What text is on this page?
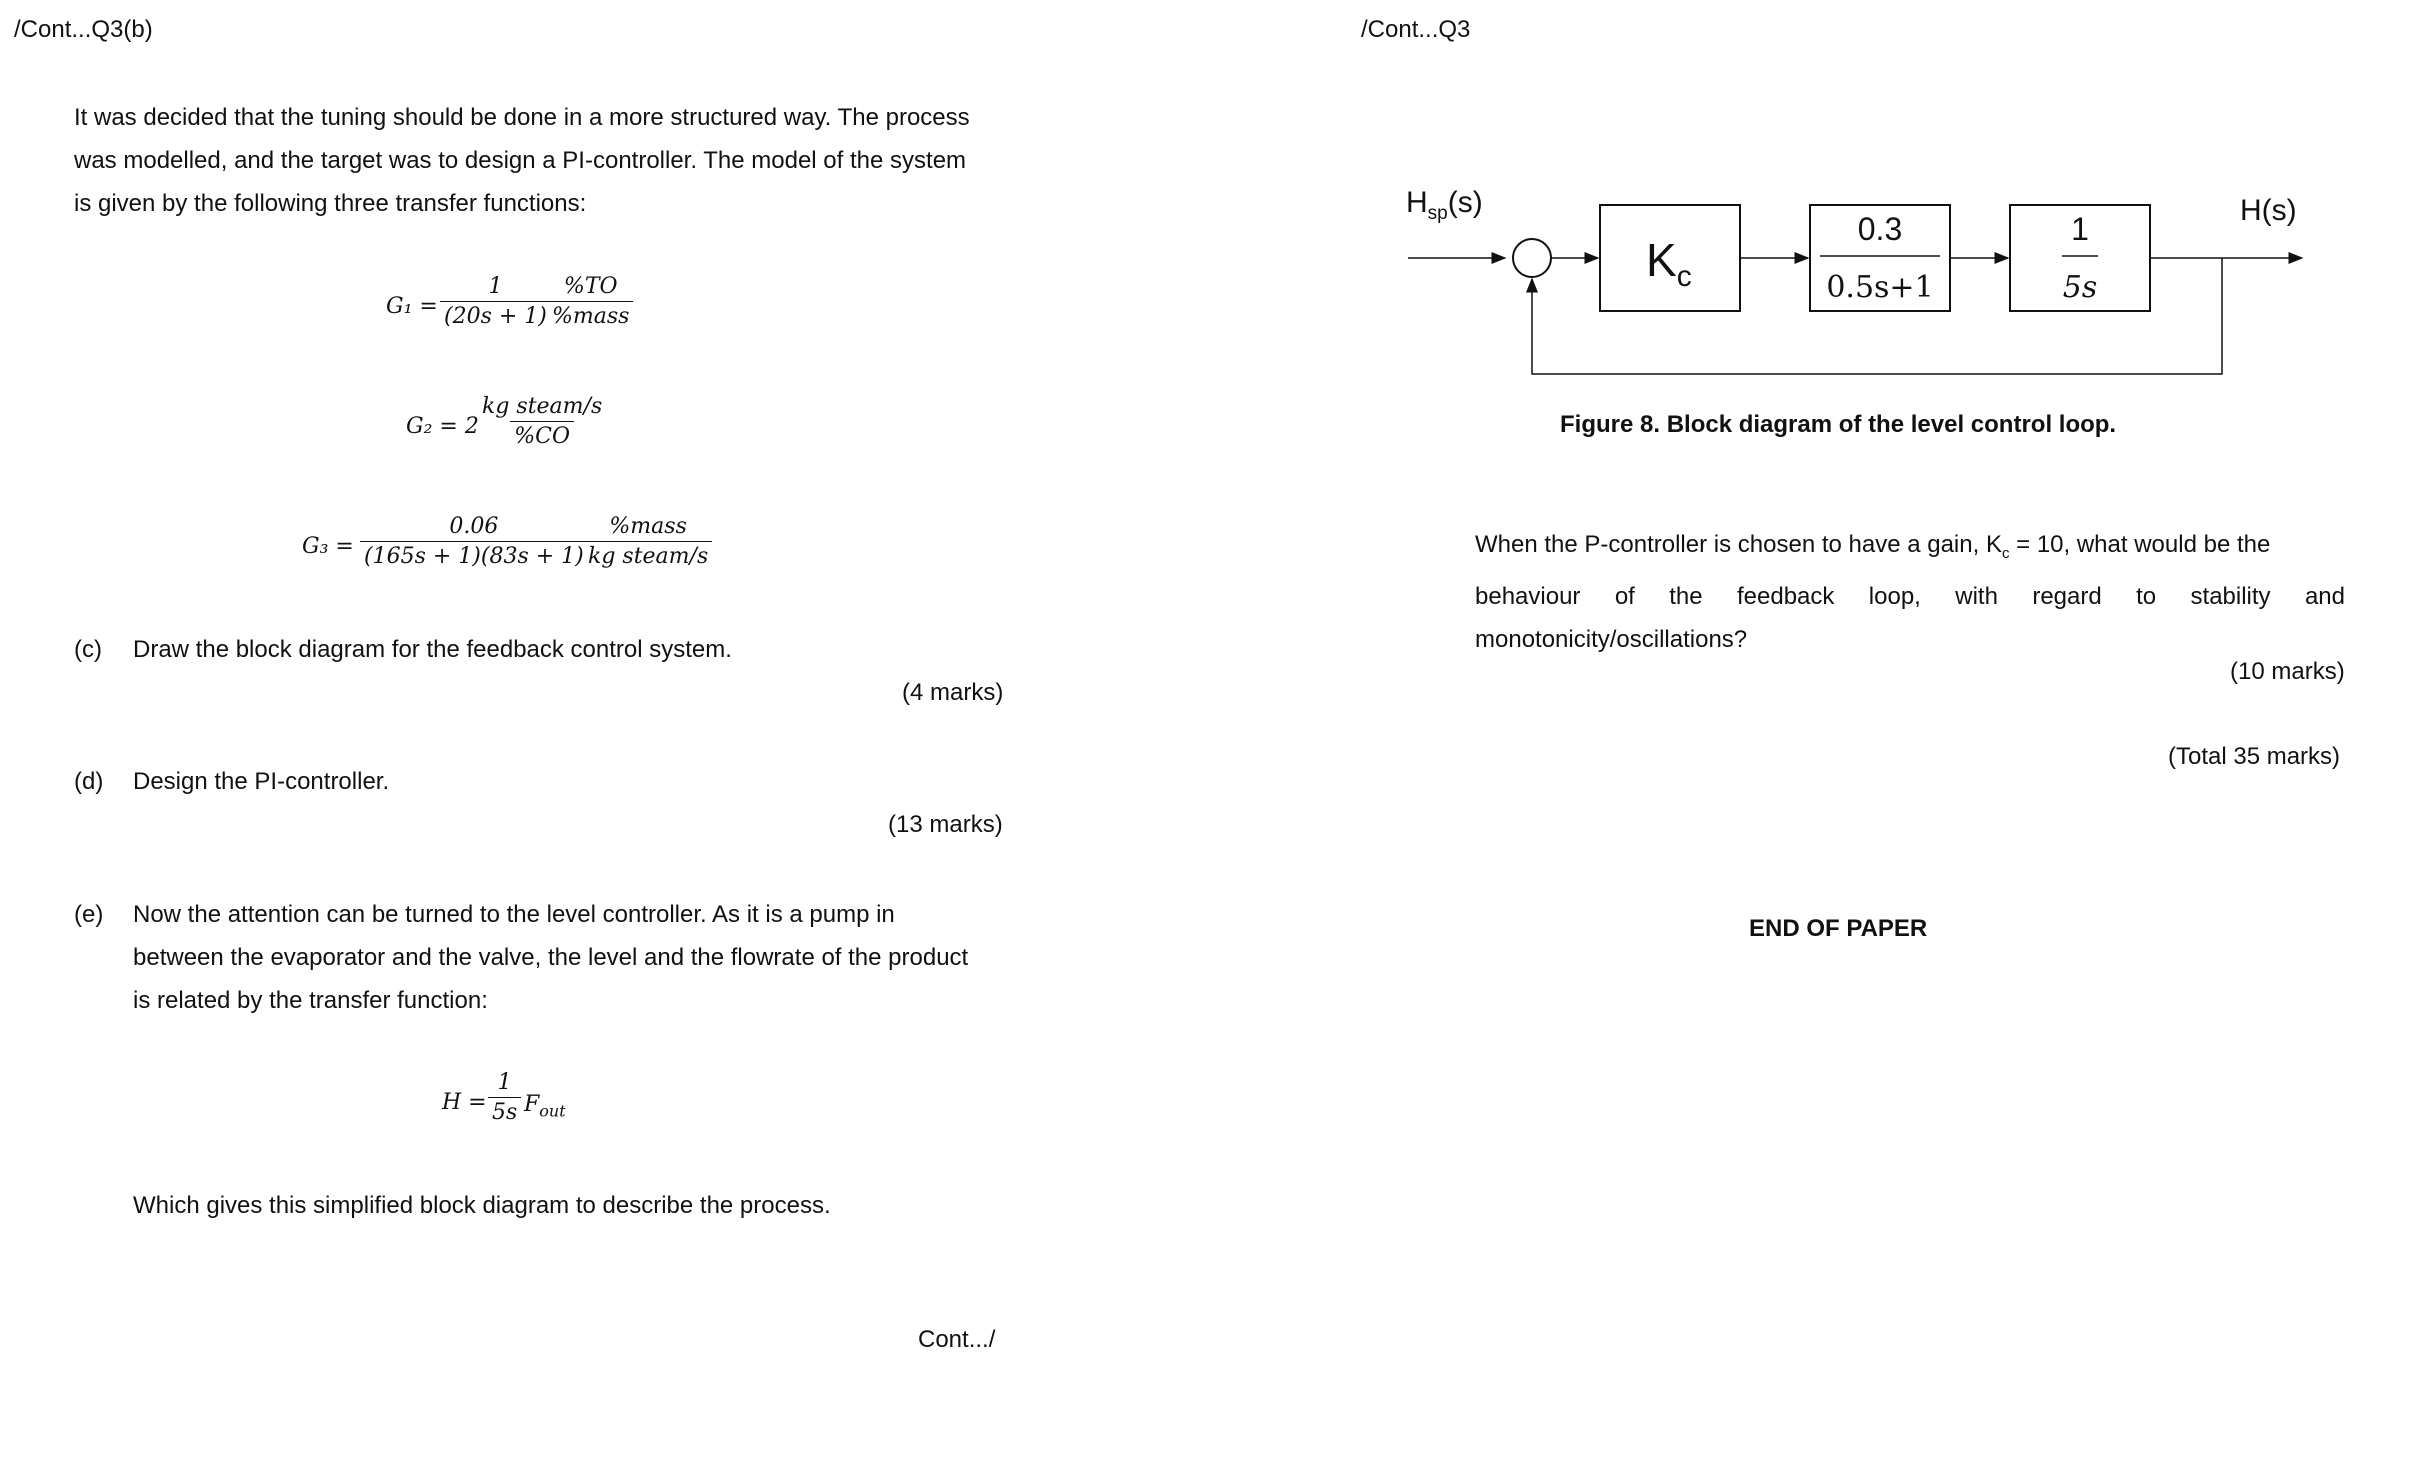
/Cont...Q3(b)
It was decided that the tuning should be done in a more structured way. The process
was modelled, and the target was to design a PI-controller. The model of the system
is given by the following three transfer functions:
$G_1 = \frac{1}{(20s + 1)} \%TO$
%mass
G₂ = 2
kg steam/s
%CO
$G_3 = \frac{0.06}{(165s + 1)(83s + 1)}$ %mass
kg steam/s
(c) Draw the block diagram for the feedback control system.
(4 marks)
(d) Design the PI-controller.
(13 marks)
(e) Now the attention can be turned to the level controller. As it is a pump in
between the evaporator and the valve, the level and the flowrate of the product
is related by the transfer function:
$H = \frac{1}{5s} F_{out}$
Which gives this simplified block diagram to describe the process.
Cont.../
/Cont...Q3
$H_{sp}(s)$
$K_c$
0.3
0.5s+1
1
5s
H(s)
Figure 8. Block diagram of the level control loop.
When the P-controller is chosen to have a gain, $K_c = 10$, what would be the
behaviour of the feedback loop, with regard to stability and
monotonicity/oscillations?
(10 marks)
(Total 35 marks)
END OF PAPER
